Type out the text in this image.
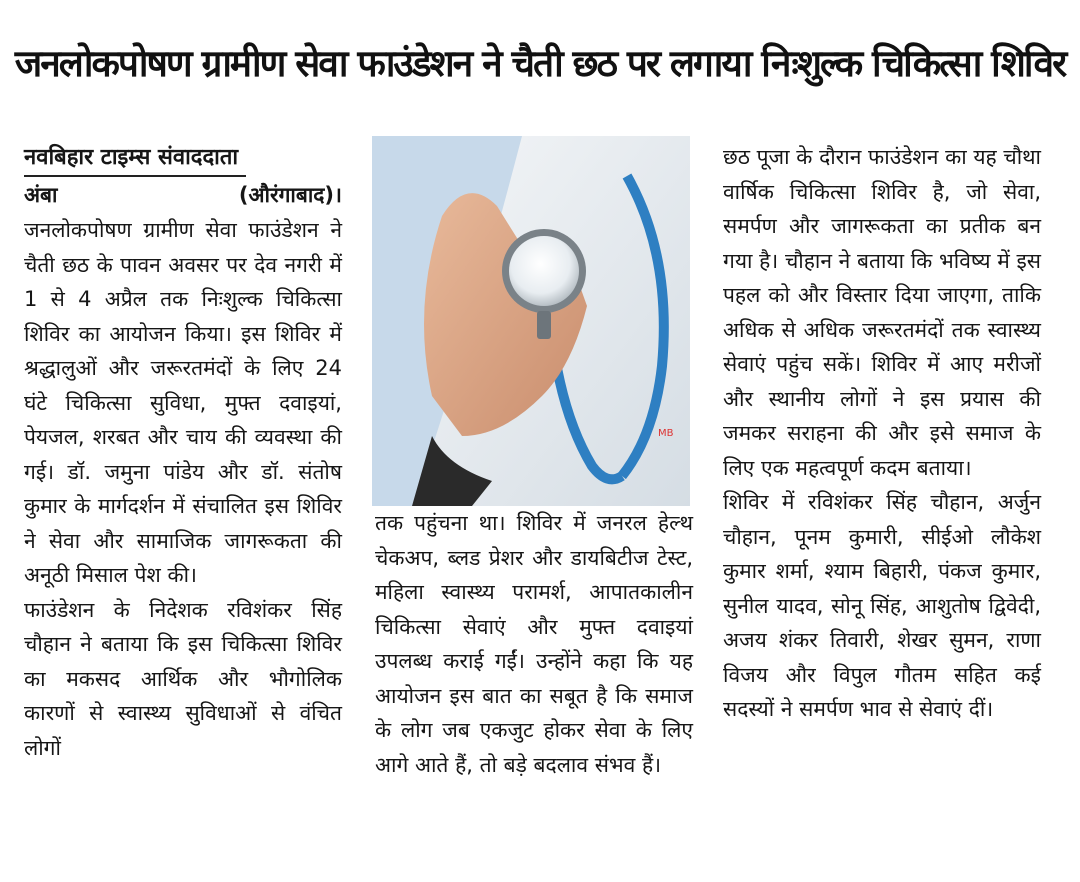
जनलोकपोषण ग्रामीण सेवा फाउंडेशन ने चैती छठ पर लगाया निःशुल्क चिकित्सा शिविर
नवबिहार टाइम्स संवाददाता
अंबा	(औरंगाबाद)।

जनलोकपोषण ग्रामीण सेवा फाउंडेशन ने चैती छठ के पावन अवसर पर देव नगरी में 1 से 4 अप्रैल तक निःशुल्क चिकित्सा शिविर का आयोजन किया। इस शिविर में श्रद्धालुओं और जरूरतमंदों के लिए 24 घंटे चिकित्सा सुविधा, मुफ्त दवाइयां, पेयजल, शरबत और चाय की व्यवस्था की गई। डॉ. जमुना पांडेय और डॉ. संतोष कुमार के मार्गदर्शन में संचालित इस शिविर ने सेवा और सामाजिक जागरूकता की अनूठी मिसाल पेश की।

फाउंडेशन के निदेशक रविशंकर सिंह चौहान ने बताया कि इस चिकित्सा शिविर का मकसद आर्थिक और भौगोलिक कारणों से स्वास्थ्य सुविधाओं से वंचित लोगों

MB

तक पहुंचना था। शिविर में जनरल हेल्थ चेकअप, ब्लड प्रेशर और डायबिटीज टेस्ट, महिला स्वास्थ्य परामर्श, आपातकालीन चिकित्सा सेवाएं और मुफ्त दवाइयां उपलब्ध कराई गईं। उन्होंने कहा कि यह आयोजन इस बात का सबूत है कि समाज के लोग जब एकजुट होकर सेवा के लिए आगे आते हैं, तो बड़े बदलाव संभव हैं।

छठ पूजा के दौरान फाउंडेशन का यह चौथा वार्षिक चिकित्सा शिविर है, जो सेवा, समर्पण और जागरूकता का प्रतीक बन गया है। चौहान ने बताया कि भविष्य में इस पहल को और विस्तार दिया जाएगा, ताकि अधिक से अधिक जरूरतमंदों तक स्वास्थ्य सेवाएं पहुंच सकें। शिविर में आए मरीजों और स्थानीय लोगों ने इस प्रयास की जमकर सराहना की और इसे समाज के लिए एक महत्वपूर्ण कदम बताया।

शिविर में रविशंकर सिंह चौहान, अर्जुन चौहान, पूनम कुमारी, सीईओ लौकेश कुमार शर्मा, श्याम बिहारी, पंकज कुमार, सुनील यादव, सोनू सिंह, आशुतोष द्विवेदी, अजय शंकर तिवारी, शेखर सुमन, राणा विजय और विपुल गौतम सहित कई सदस्यों ने समर्पण भाव से सेवाएं दीं।
